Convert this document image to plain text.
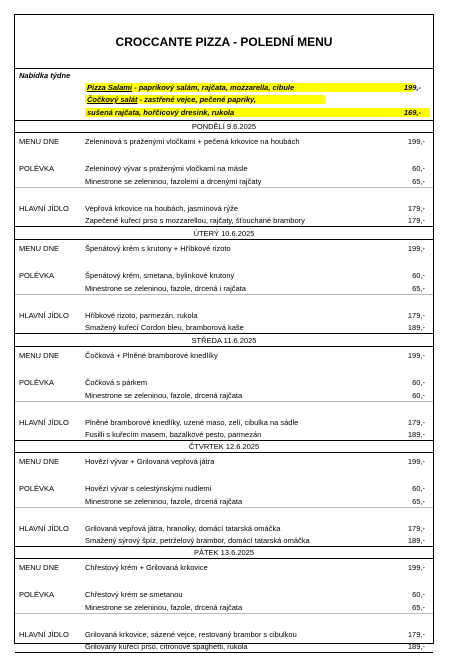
CROCCANTE PIZZA - POLEDNÍ MENU
Nabídka týdne
Pizza Salami - paprikový salám, rajčata, mozzarella, cibule	199,-
Čočkový salát - zastřené vejce, pečené papriky,
sušená rajčata, hořčicový dresink, rukola	169,-
PONDĚLÍ 9.6.2025
MENU DNE	Zeleninová s praženými vločkami + pečená krkovice na houbách	199,-
POLÉVKA	Zeleninový vývar s praženými vločkami na másle	60,-
Minestrone se zeleninou, fazolemi a drcenými rajčaty	65,-
HLAVNÍ JÍDLO Vepřová krkovice na houbách, jasmínová rýže	179,-
Zapečené kuřecí prso s mozzarellou, rajčaty, šťouchané brambory	179,-
ÚTERÝ 10.6.2025
MENU DNE	Špenátový krém s krutony + Hříbkové rizoto	199,-
POLÉVKA	Špenátový krém, smetana, bylinkové krutony	60,-
Minestrone se zeleninou, fazole, drcená i rajčata	65,-
HLAVNÍ JÍDLO Hříbkové rizoto, parmezán, rukola	179,-
Smažený kuřecí Cordon bleu, bramborová kaše	189,-
STŘEDA 11.6.2025
MENU DNE	Čočková + Plněné bramborové knedlíky	199,-
POLÉVKA	Čočková s párkem	60,-
Minestrone se zeleninou, fazole, drcená rajčata	60,-
HLAVNÍ JÍDLO Plněné bramborové knedlíky, uzené maso, zelí, cibulka na sádle	179,-
Fusilli s kuřecím masem, bazalkové pesto, parmezán	189,-
ČTVRTEK 12.6.2025
MENU DNE	Hovězí vývar + Grilovaná vepřová játra	199,-
POLÉVKA	Hovězí vývar s celestýnskými nudlemi	60,-
Minestrone se zeleninou, fazole, drcená rajčata	65,-
HLAVNÍ JÍDLO Grilovaná vepřová játra, hranolky, domácí tatarská omáčka	179,-
Smažený sýrový špíz, petrželový brambor, domácí tatarská omáčka	189,-
PÁTEK 13.6.2025
MENU DNE	Chřestový krém + Grilovaná krkovice	199,-
POLÉVKA	Chřestový krém se smetanou	60,-
Minestrone se zeleninou, fazole, drcená rajčata	65,-
HLAVNÍ JÍDLO Grilovaná krkovice, sázené vejce, restovaný brambor s cibulkou	179,-
Grilovaný kuřecí prso, citrónové spaghetti, rukola	189,-
